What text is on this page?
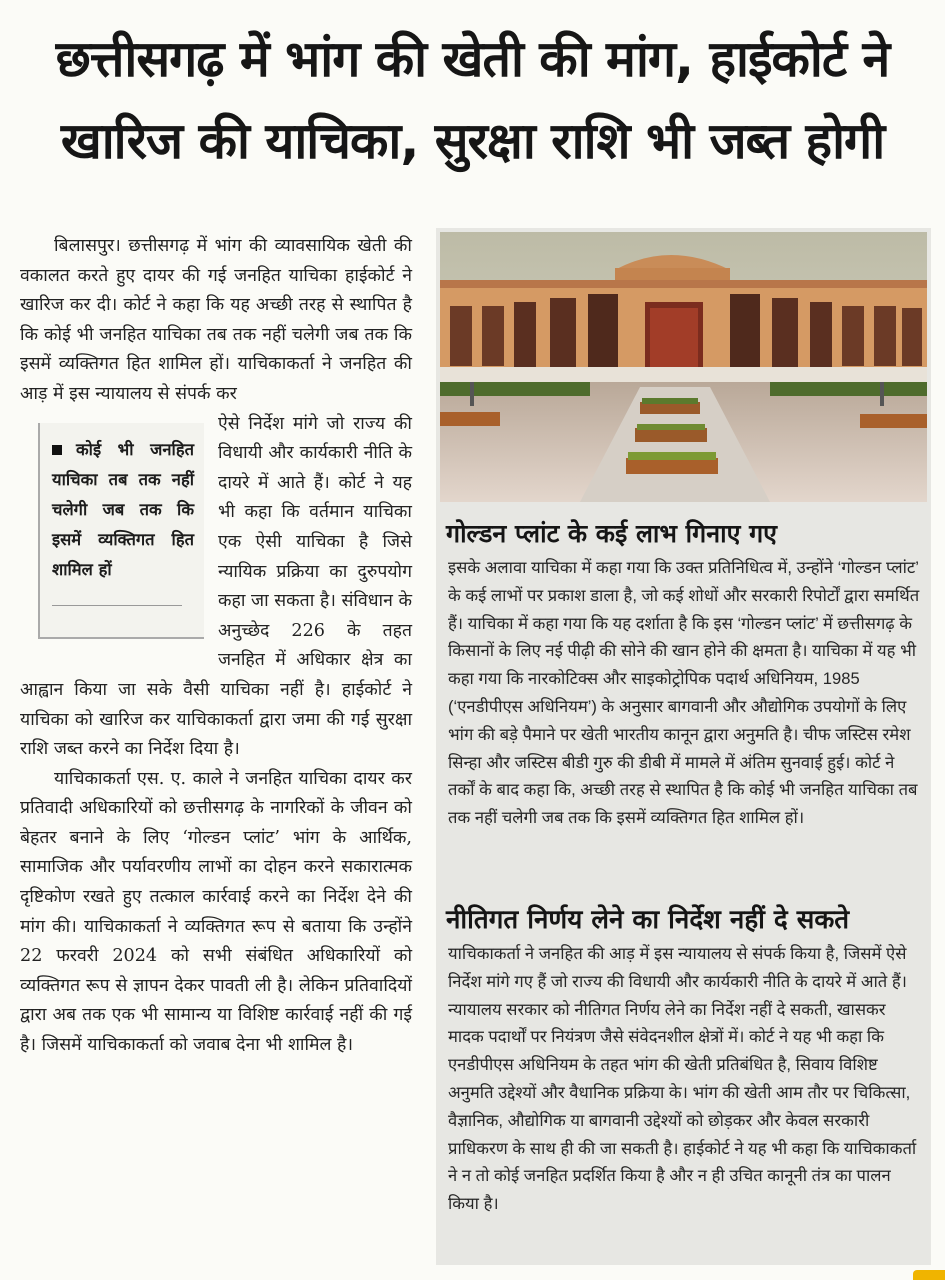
छत्तीसगढ़ में भांग की खेती की मांग, हाईकोर्ट ने
खारिज की याचिका, सुरक्षा राशि भी जब्त होगी

बिलासपुर। छत्तीसगढ़ में भांग की व्यावसायिक खेती की वकालत करते हुए दायर की गई जनहित याचिका हाईकोर्ट ने खारिज कर दी। कोर्ट ने कहा कि यह अच्छी तरह से स्थापित है कि कोई भी जनहित याचिका तब तक नहीं चलेगी जब तक कि इसमें व्यक्तिगत हित शामिल हों। याचिकाकर्ता ने जनहित की आड़ में इस न्यायालय से संपर्क कर

कोई भी जनहित याचिका तब तक नहीं चलेगी जब तक कि इसमें व्यक्तिगत हित शामिल हों

ऐसे निर्देश मांगे जो राज्य की विधायी और कार्यकारी नीति के दायरे में आते हैं। कोर्ट ने यह भी कहा कि वर्तमान याचिका एक ऐसी याचिका है जिसे न्यायिक प्रक्रिया का दुरुपयोग कहा जा सकता है। संविधान के अनुच्छेद 226 के तहत जनहित में अधिकार क्षेत्र का आह्वान किया जा सके वैसी याचिका नहीं है। हाईकोर्ट ने याचिका को खारिज कर याचिकाकर्ता द्वारा जमा की गई सुरक्षा राशि जब्त करने का निर्देश दिया है।

याचिकाकर्ता एस. ए. काले ने जनहित याचिका दायर कर प्रतिवादी अधिकारियों को छत्तीसगढ़ के नागरिकों के जीवन को बेहतर बनाने के लिए ‘गोल्डन प्लांट’ भांग के आर्थिक, सामाजिक और पर्यावरणीय लाभों का दोहन करने सकारात्मक दृष्टिकोण रखते हुए तत्काल कार्रवाई करने का निर्देश देने की मांग की। याचिकाकर्ता ने व्यक्तिगत रूप से बताया कि उन्होंने 22 फरवरी 2024 को सभी संबंधित अधिकारियों को व्यक्तिगत रूप से ज्ञापन देकर पावती ली है। लेकिन प्रतिवादियों द्वारा अब तक एक भी सामान्य या विशिष्ट कार्रवाई नहीं की गई है। जिसमें याचिकाकर्ता को जवाब देना भी शामिल है।

गोल्डन प्लांट के कई लाभ गिनाए गए
इसके अलावा याचिका में कहा गया कि उक्त प्रतिनिधित्व में, उन्होंने ‘गोल्डन प्लांट’ के कई लाभों पर प्रकाश डाला है, जो कई शोधों और सरकारी रिपोर्टों द्वारा समर्थित हैं। याचिका में कहा गया कि यह दर्शाता है कि इस ‘गोल्डन प्लांट’ में छत्तीसगढ़ के किसानों के लिए नई पीढ़ी की सोने की खान होने की क्षमता है। याचिका में यह भी कहा गया कि नारकोटिक्स और साइकोट्रोपिक पदार्थ अधिनियम, 1985 (‘एनडीपीएस अधिनियम’) के अनुसार बागवानी और औद्योगिक उपयोगों के लिए भांग की बड़े पैमाने पर खेती भारतीय कानून द्वारा अनुमति है। चीफ जस्टिस रमेश सिन्हा और जस्टिस बीडी गुरु की डीबी में मामले में अंतिम सुनवाई हुई। कोर्ट ने तर्कों के बाद कहा कि, अच्छी तरह से स्थापित है कि कोई भी जनहित याचिका तब तक नहीं चलेगी जब तक कि इसमें व्यक्तिगत हित शामिल हों।
नीतिगत निर्णय लेने का निर्देश नहीं दे सकते
याचिकाकर्ता ने जनहित की आड़ में इस न्यायालय से संपर्क किया है, जिसमें ऐसे निर्देश मांगे गए हैं जो राज्य की विधायी और कार्यकारी नीति के दायरे में आते हैं। न्यायालय सरकार को नीतिगत निर्णय लेने का निर्देश नहीं दे सकती, खासकर मादक पदार्थों पर नियंत्रण जैसे संवेदनशील क्षेत्रों में। कोर्ट ने यह भी कहा कि एनडीपीएस अधिनियम के तहत भांग की खेती प्रतिबंधित है, सिवाय विशिष्ट अनुमति उद्देश्यों और वैधानिक प्रक्रिया के। भांग की खेती आम तौर पर चिकित्सा, वैज्ञानिक, औद्योगिक या बागवानी उद्देश्यों को छोड़कर और केवल सरकारी प्राधिकरण के साथ ही की जा सकती है। हाईकोर्ट ने यह भी कहा कि याचिकाकर्ता ने न तो कोई जनहित प्रदर्शित किया है और न ही उचित कानूनी तंत्र का पालन किया है।
